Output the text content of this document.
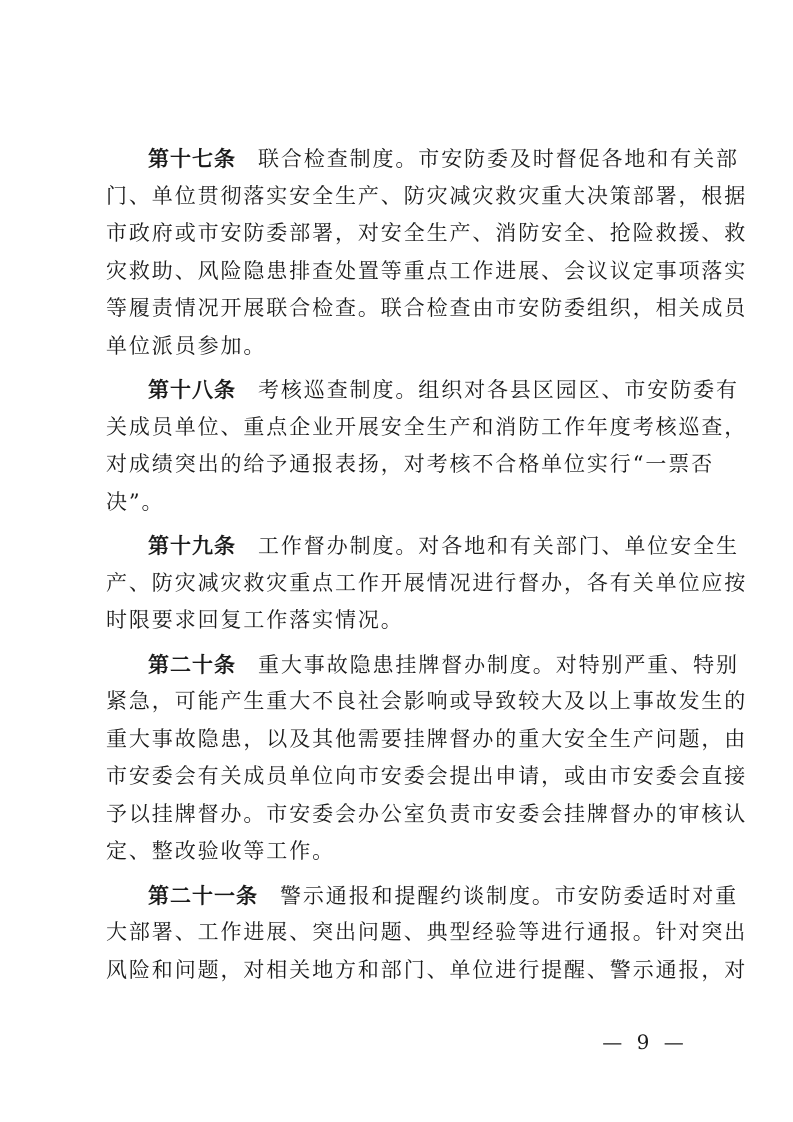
第十七条 联合检查制度。市安防委及时督促各地和有关部
门、单位贯彻落实安全生产、防灾减灾救灾重大决策部署，根据
市政府或市安防委部署，对安全生产、消防安全、抢险救援、救
灾救助、风险隐患排查处置等重点工作进展、会议议定事项落实
等履责情况开展联合检查。联合检查由市安防委组织，相关成员
单位派员参加。
第十八条 考核巡查制度。组织对各县区园区、市安防委有
关成员单位、重点企业开展安全生产和消防工作年度考核巡查，
对成绩突出的给予通报表扬，对考核不合格单位实行“一票否
决”。
第十九条 工作督办制度。对各地和有关部门、单位安全生
产、防灾减灾救灾重点工作开展情况进行督办，各有关单位应按
时限要求回复工作落实情况。
第二十条 重大事故隐患挂牌督办制度。对特别严重、特别
紧急，可能产生重大不良社会影响或导致较大及以上事故发生的
重大事故隐患，以及其他需要挂牌督办的重大安全生产问题，由
市安委会有关成员单位向市安委会提出申请，或由市安委会直接
予以挂牌督办。市安委会办公室负责市安委会挂牌督办的审核认
定、整改验收等工作。
第二十一条 警示通报和提醒约谈制度。市安防委适时对重
大部署、工作进展、突出问题、典型经验等进行通报。针对突出
风险和问题，对相关地方和部门、单位进行提醒、警示通报，对
— 9 —
